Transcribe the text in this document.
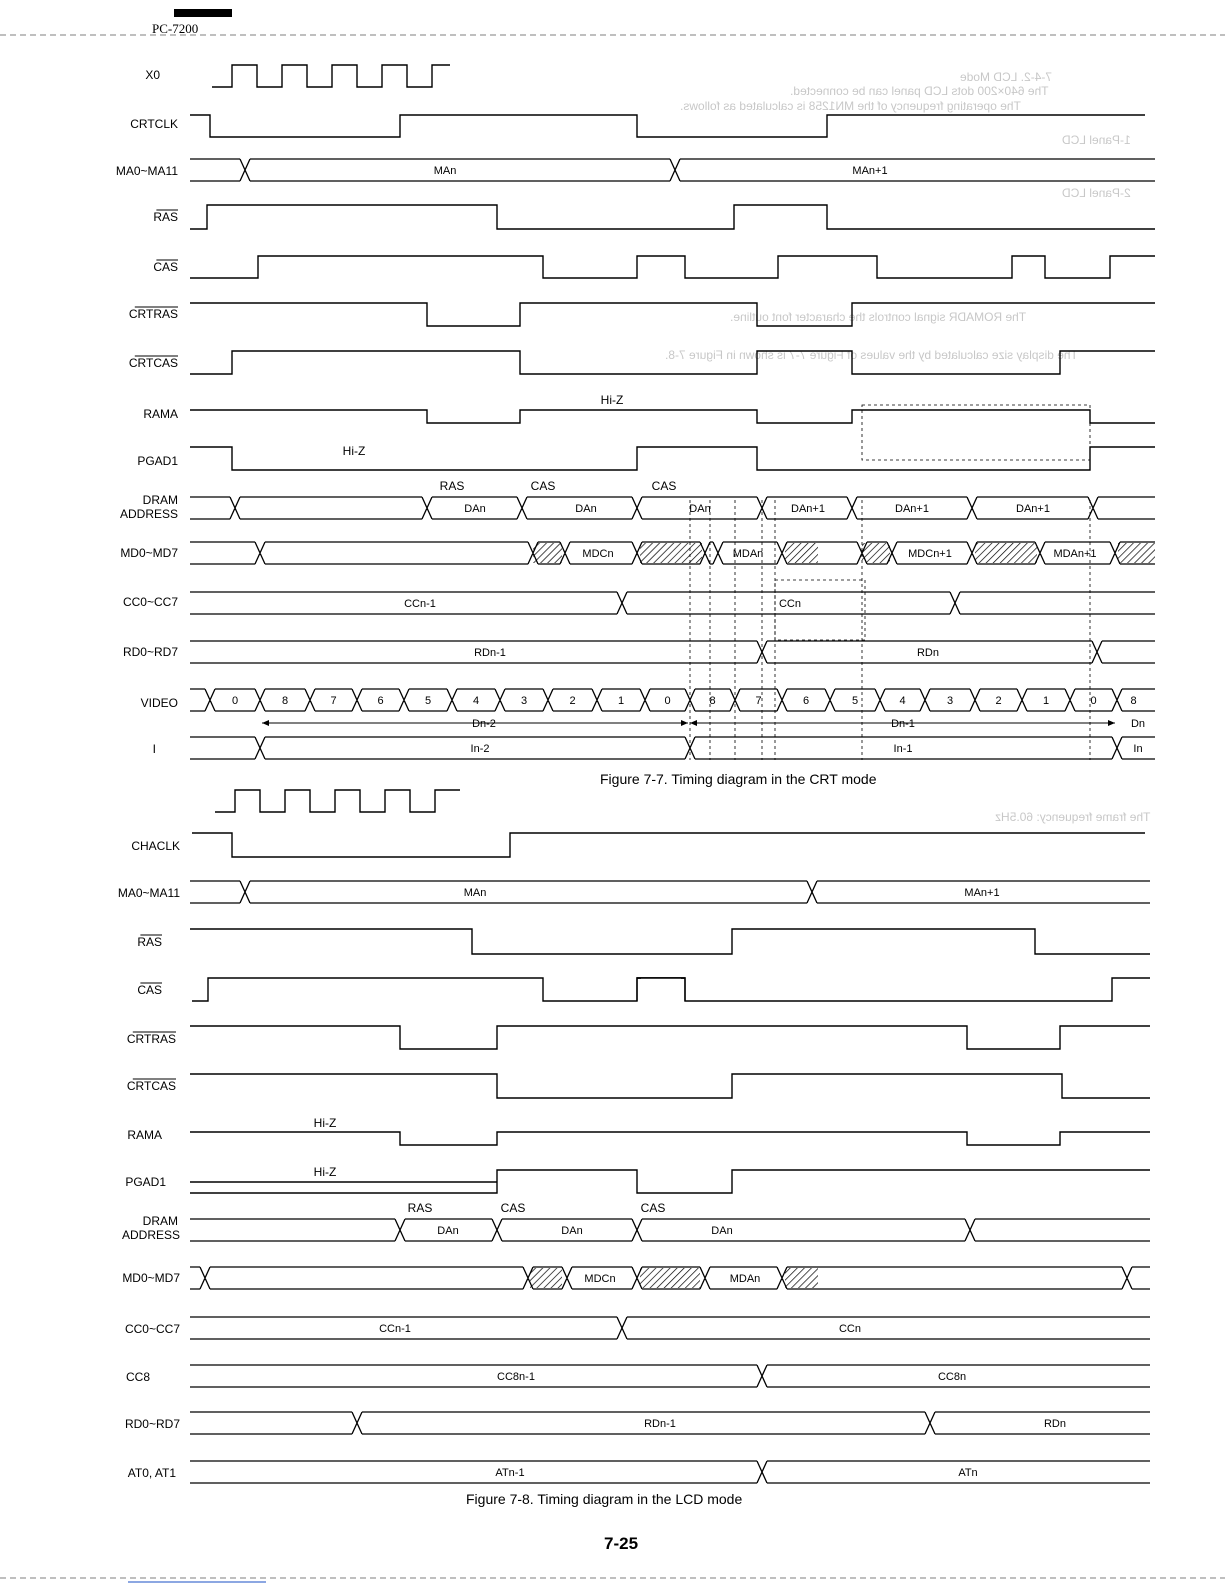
PC-7200
7-4-2. LCD Mode
The 640×200 dots LCD panel can be connected.
The operating frequency of the MN1258 is calculated as follows.
1-Panel LCD
2-Panel LCD
The ROMADR signal controls the character font outline.
The display size calculated by the values of Figure 7-7 is shown in Figure 7-8.
The frame frequency: 60.5Hz
X0
CRTCLK
MA0~MA11	MAn	MAn+1
RAS
CAS
CRTRAS
CRTCAS
RAMA
Hi-Z
PGAD1
Hi-Z
DRAM
ADDRESS	DAn	DAn	DAn	DAn+1	DAn+1	DAn+1
RAS	CAS	CAS
MD0~MD7	MDCn	MDAn	MDCn+1	MDAn+1
CC0~CC7	CCn-1	CCn
RD0~RD7	RDn-1	RDn
VIDEO	0	8	7	6	5	4	3	2	1	0	8	7	6	5	4	3	2	1	0	8
Dn-2	Dn-1	Dn
I	In-2	In-1	In
CHACLK
MA0~MA11	MAn	MAn+1
RAS
CAS
CRTRAS
CRTCAS
RAMA
Hi-Z
PGAD1
Hi-Z
DRAM
ADDRESS	DAn	DAn	DAn
RAS	CAS	CAS
MD0~MD7	MDCn	MDAn
CC0~CC7	CCn-1	CCn
CC8	CC8n-1	CC8n
RD0~RD7	RDn-1	RDn
AT0, AT1	ATn-1	ATn
Figure 7-7. Timing diagram in the CRT mode
Figure 7-8. Timing diagram in the LCD mode
7-25
